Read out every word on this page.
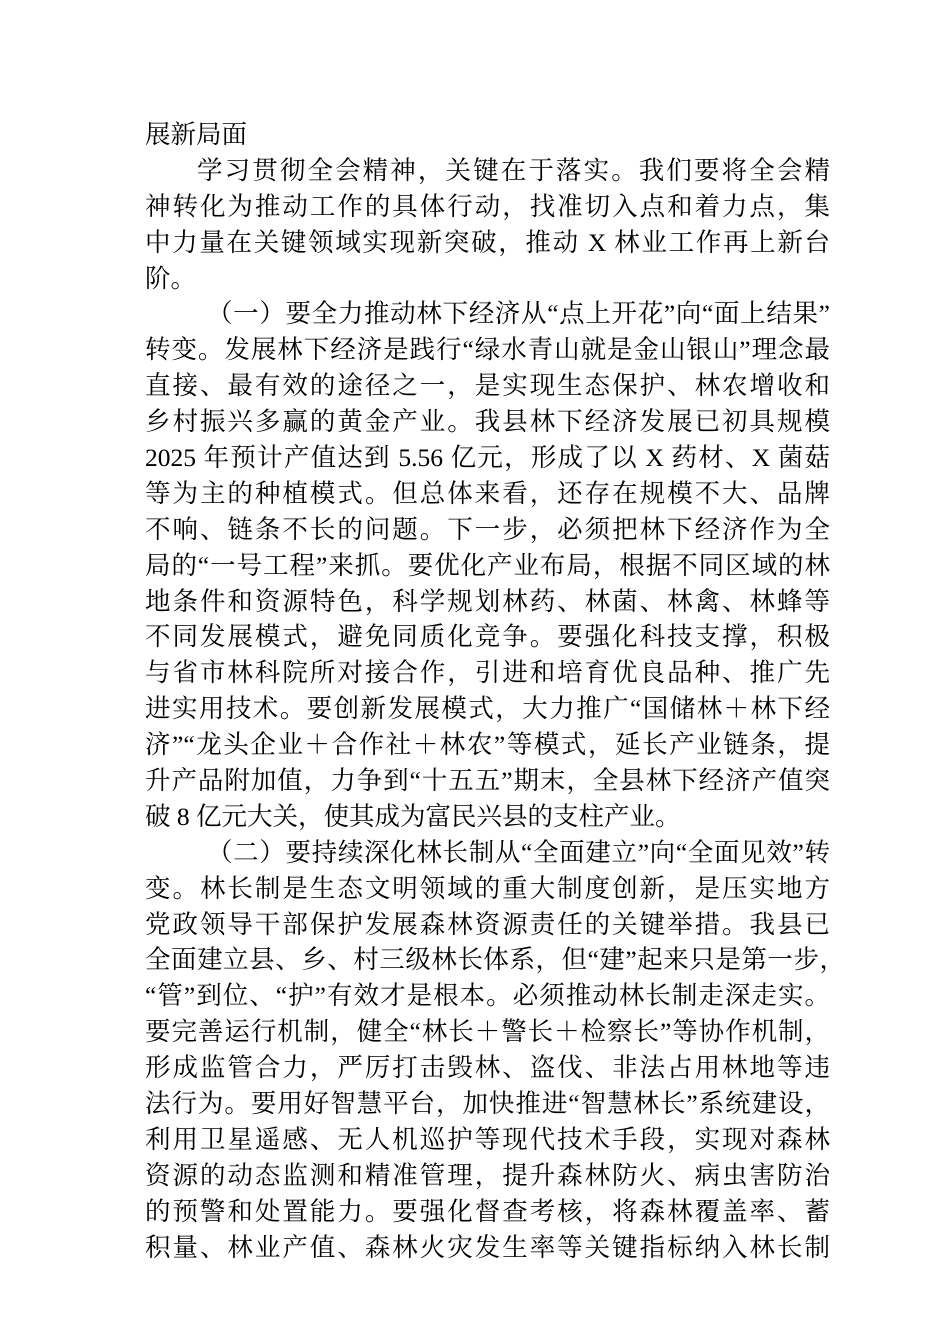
展新局面
学习贯彻全会精神，关键在于落实。我们要将全会精
神转化为推动工作的具体行动，找准切入点和着力点，集
中力量在关键领域实现新突破，推动 X 林业工作再上新台
阶。
（一）要全力推动林下经济从“点上开花”向“面上结果”
转变。发展林下经济是践行“绿水青山就是金山银山”理念最
直接、最有效的途径之一，是实现生态保护、林农增收和
乡村振兴多赢的黄金产业。我县林下经济发展已初具规模
2025 年预计产值达到 5.56 亿元，形成了以 X 药材、X 菌菇
等为主的种植模式。但总体来看，还存在规模不大、品牌
不响、链条不长的问题。下一步，必须把林下经济作为全
局的“一号工程”来抓。要优化产业布局，根据不同区域的林
地条件和资源特色，科学规划林药、林菌、林禽、林蜂等
不同发展模式，避免同质化竞争。要强化科技支撑，积极
与省市林科院所对接合作，引进和培育优良品种、推广先
进实用技术。要创新发展模式，大力推广“国储林＋林下经
济”“龙头企业＋合作社＋林农”等模式，延长产业链条，提
升产品附加值，力争到“十五五”期末，全县林下经济产值突
破 8 亿元大关，使其成为富民兴县的支柱产业。
（二）要持续深化林长制从“全面建立”向“全面见效”转
变。林长制是生态文明领域的重大制度创新，是压实地方
党政领导干部保护发展森林资源责任的关键举措。我县已
全面建立县、乡、村三级林长体系，但“建”起来只是第一步，
“管”到位、“护”有效才是根本。必须推动林长制走深走实。
要完善运行机制，健全“林长＋警长＋检察长”等协作机制，
形成监管合力，严厉打击毁林、盗伐、非法占用林地等违
法行为。要用好智慧平台，加快推进“智慧林长”系统建设，
利用卫星遥感、无人机巡护等现代技术手段，实现对森林
资源的动态监测和精准管理，提升森林防火、病虫害防治
的预警和处置能力。要强化督查考核，将森林覆盖率、蓄
积量、林业产值、森林火灾发生率等关键指标纳入林长制
